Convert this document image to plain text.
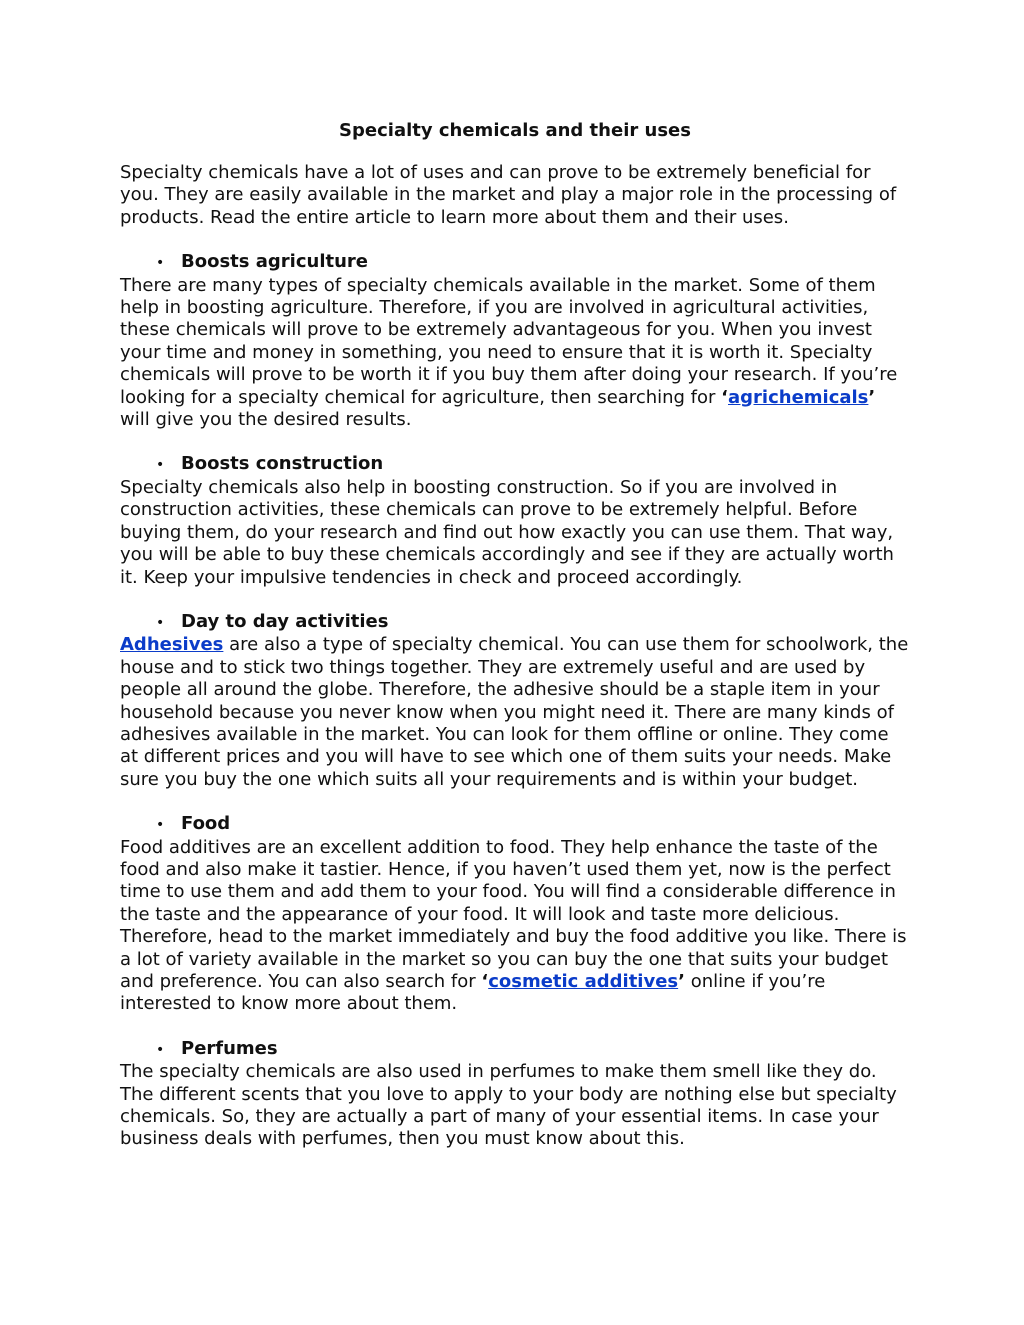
Specialty chemicals and their uses

Specialty chemicals have a lot of uses and can prove to be extremely beneficial for you. They are easily available in the market and play a major role in the processing of products. Read the entire article to learn more about them and their uses.

• Boosts agriculture

There are many types of specialty chemicals available in the market. Some of them help in boosting agriculture. Therefore, if you are involved in agricultural activities, these chemicals will prove to be extremely advantageous for you. When you invest your time and money in something, you need to ensure that it is worth it. Specialty chemicals will prove to be worth it if you buy them after doing your research. If you’re looking for a specialty chemical for agriculture, then searching for ‘agrichemicals’ will give you the desired results.

• Boosts construction

Specialty chemicals also help in boosting construction. So if you are involved in construction activities, these chemicals can prove to be extremely helpful. Before buying them, do your research and find out how exactly you can use them. That way, you will be able to buy these chemicals accordingly and see if they are actually worth it. Keep your impulsive tendencies in check and proceed accordingly.

• Day to day activities

Adhesives are also a type of specialty chemical. You can use them for schoolwork, the house and to stick two things together. They are extremely useful and are used by people all around the globe. Therefore, the adhesive should be a staple item in your household because you never know when you might need it. There are many kinds of adhesives available in the market. You can look for them offline or online. They come at different prices and you will have to see which one of them suits your needs. Make sure you buy the one which suits all your requirements and is within your budget.

• Food

Food additives are an excellent addition to food. They help enhance the taste of the food and also make it tastier. Hence, if you haven’t used them yet, now is the perfect time to use them and add them to your food. You will find a considerable difference in the taste and the appearance of your food. It will look and taste more delicious. Therefore, head to the market immediately and buy the food additive you like. There is a lot of variety available in the market so you can buy the one that suits your budget and preference. You can also search for ‘cosmetic additives’ online if you’re interested to know more about them.

• Perfumes

The specialty chemicals are also used in perfumes to make them smell like they do. The different scents that you love to apply to your body are nothing else but specialty chemicals. So, they are actually a part of many of your essential items. In case your business deals with perfumes, then you must know about this.
